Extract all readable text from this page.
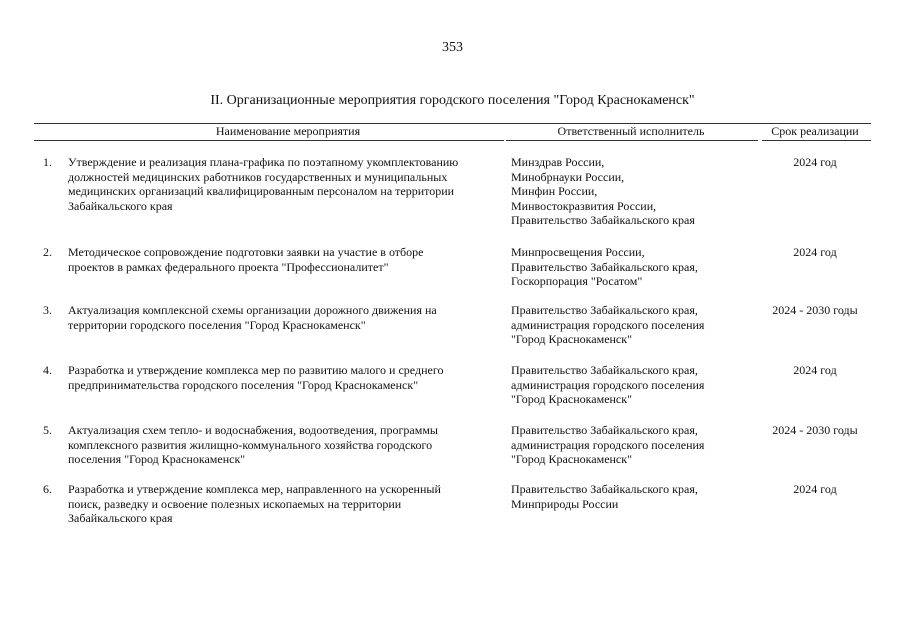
353
II. Организационные мероприятия городского поселения "Город Краснокаменск"
Наименование мероприятия	Ответственный исполнитель	Срок реализации
1. Утверждение и реализация плана-графика по поэтапному укомплектованию
должностей медицинских работников государственных и муниципальных
медицинских организаций квалифицированным персоналом на территории
Забайкальского края
Минздрав России,
Минобрнауки России,
Минфин России,
Минвостокразвития России,
Правительство Забайкальского края
2024 год
2. Методическое сопровождение подготовки заявки на участие в отборе
проектов в рамках федерального проекта "Профессионалитет"
Минпросвещения России,
Правительство Забайкальского края,
Госкорпорация "Росатом"
2024 год
3. Актуализация комплексной схемы организации дорожного движения на
территории городского поселения "Город Краснокаменск"
Правительство Забайкальского края,
администрация городского поселения
"Город Краснокаменск"
2024 - 2030 годы
4. Разработка и утверждение комплекса мер по развитию малого и среднего
предпринимательства городского поселения "Город Краснокаменск"
Правительство Забайкальского края,
администрация городского поселения
"Город Краснокаменск"
2024 год
5. Актуализация схем тепло- и водоснабжения, водоотведения, программы
комплексного развития жилищно-коммунального хозяйства городского
поселения "Город Краснокаменск"
Правительство Забайкальского края,
администрация городского поселения
"Город Краснокаменск"
2024 - 2030 годы
6. Разработка и утверждение комплекса мер, направленного на ускоренный
поиск, разведку и освоение полезных ископаемых на территории
Забайкальского края
Правительство Забайкальского края,
Минприроды России
2024 год
